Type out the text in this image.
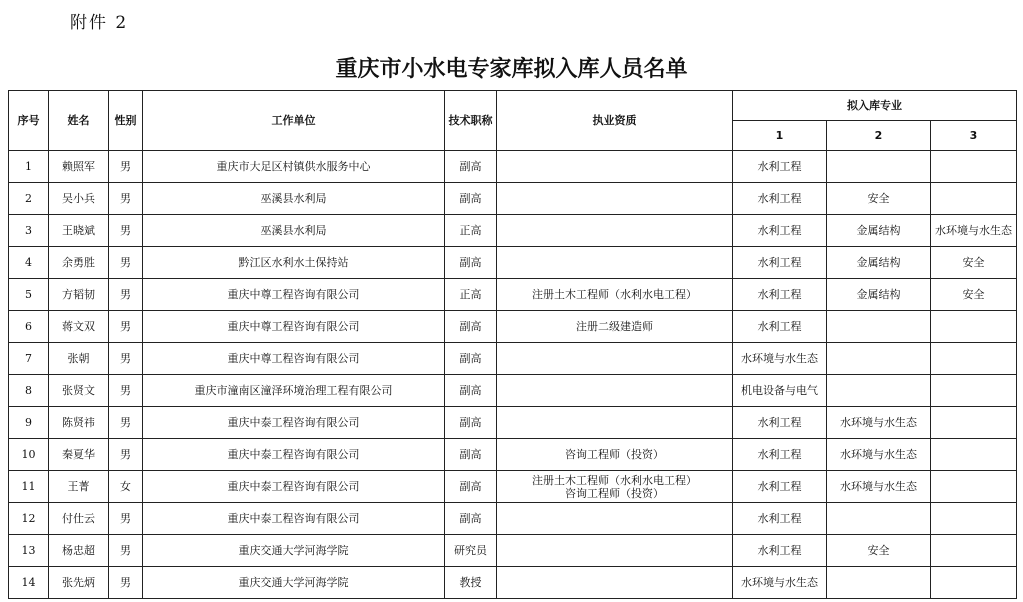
附件 2
重庆市小水电专家库拟入库人员名单
序号	姓名	性别	工作单位	技术职称	执业资质	拟入库专业		
						1	2	3
1	赖照军	男	重庆市大足区村镇供水服务中心	副高		水利工程		
2	吴小兵	男	巫溪县水利局	副高		水利工程	安全	
3	王晓斌	男	巫溪县水利局	正高		水利工程	金属结构	水环境与水生态
4	余勇胜	男	黔江区水利水土保持站	副高		水利工程	金属结构	安全
5	方韬韧	男	重庆中尊工程咨询有限公司	正高	注册土木工程师（水利水电工程）	水利工程	金属结构	安全
6	蒋文双	男	重庆中尊工程咨询有限公司	副高	注册二级建造师	水利工程		
7	张朝	男	重庆中尊工程咨询有限公司	副高		水环境与水生态		
8	张贤文	男	重庆市潼南区潼泽环境治理工程有限公司	副高		机电设备与电气		
9	陈贤祎	男	重庆中泰工程咨询有限公司	副高		水利工程	水环境与水生态	
10	秦夏华	男	重庆中泰工程咨询有限公司	副高	咨询工程师（投资）	水利工程	水环境与水生态	
11	王菁	女	重庆中泰工程咨询有限公司	副高	注册土木工程师（水利水电工程）
咨询工程师（投资）	水利工程	水环境与水生态	
12	付仕云	男	重庆中泰工程咨询有限公司	副高		水利工程		
13	杨忠超	男	重庆交通大学河海学院	研究员		水利工程	安全	
14	张先炳	男	重庆交通大学河海学院	教授		水环境与水生态		
